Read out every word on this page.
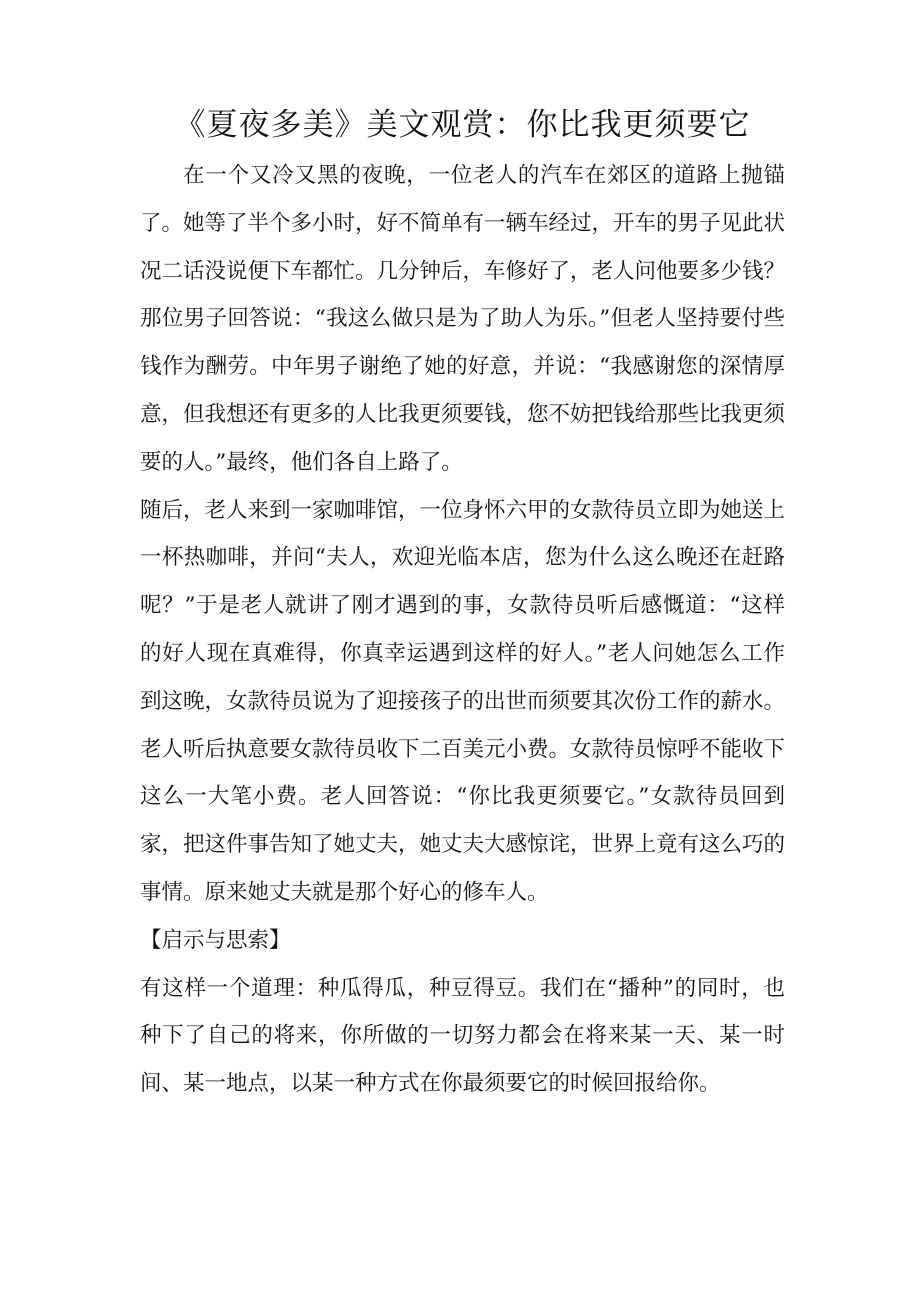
《夏夜多美》美文观赏：你比我更须要它

在一个又冷又黑的夜晚，一位老人的汽车在郊区的道路上抛锚了。她等了半个多小时，好不简单有一辆车经过，开车的男子见此状况二话没说便下车都忙。几分钟后，车修好了，老人问他要多少钱？那位男子回答说：“我这么做只是为了助人为乐。”但老人坚持要付些钱作为酬劳。中年男子谢绝了她的好意，并说：“我感谢您的深情厚意，但我想还有更多的人比我更须要钱，您不妨把钱给那些比我更须要的人。”最终，他们各自上路了。

随后，老人来到一家咖啡馆，一位身怀六甲的女款待员立即为她送上一杯热咖啡，并问“夫人，欢迎光临本店，您为什么这么晚还在赶路呢？”于是老人就讲了刚才遇到的事，女款待员听后感慨道：“这样的好人现在真难得，你真幸运遇到这样的好人。”老人问她怎么工作到这晚，女款待员说为了迎接孩子的出世而须要其次份工作的薪水。老人听后执意要女款待员收下二百美元小费。女款待员惊呼不能收下这么一大笔小费。老人回答说：“你比我更须要它。”女款待员回到家，把这件事告知了她丈夫，她丈夫大感惊诧，世界上竟有这么巧的事情。原来她丈夫就是那个好心的修车人。

【启示与思索】

有这样一个道理：种瓜得瓜，种豆得豆。我们在“播种”的同时，也种下了自己的将来，你所做的一切努力都会在将来某一天、某一时间、某一地点，以某一种方式在你最须要它的时候回报给你。
